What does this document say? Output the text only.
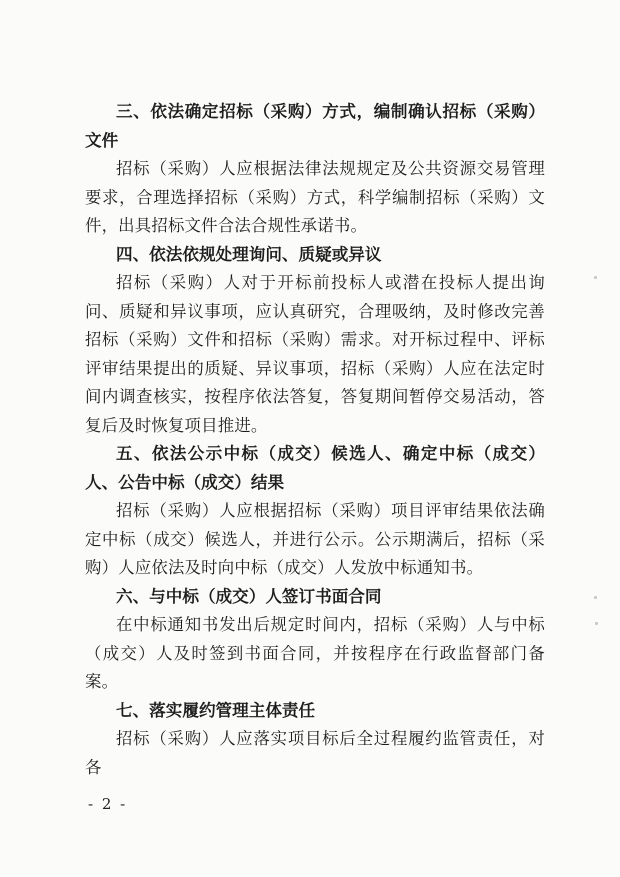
三、依法确定招标（采购）方式，编制确认招标（采购）文件

招标（采购）人应根据法律法规规定及公共资源交易管理要求，合理选择招标（采购）方式，科学编制招标（采购）文件，出具招标文件合法合规性承诺书。

四、依法依规处理询问、质疑或异议

招标（采购）人对于开标前投标人或潜在投标人提出询问、质疑和异议事项，应认真研究，合理吸纳，及时修改完善招标（采购）文件和招标（采购）需求。对开标过程中、评标评审结果提出的质疑、异议事项，招标（采购）人应在法定时间内调查核实，按程序依法答复，答复期间暂停交易活动，答复后及时恢复项目推进。

五、依法公示中标（成交）候选人、确定中标（成交）人、公告中标（成交）结果

招标（采购）人应根据招标（采购）项目评审结果依法确定中标（成交）候选人，并进行公示。公示期满后，招标（采购）人应依法及时向中标（成交）人发放中标通知书。

六、与中标（成交）人签订书面合同

在中标通知书发出后规定时间内，招标（采购）人与中标（成交）人及时签到书面合同，并按程序在行政监督部门备案。

七、落实履约管理主体责任

招标（采购）人应落实项目标后全过程履约监管责任，对各

- 2 -
